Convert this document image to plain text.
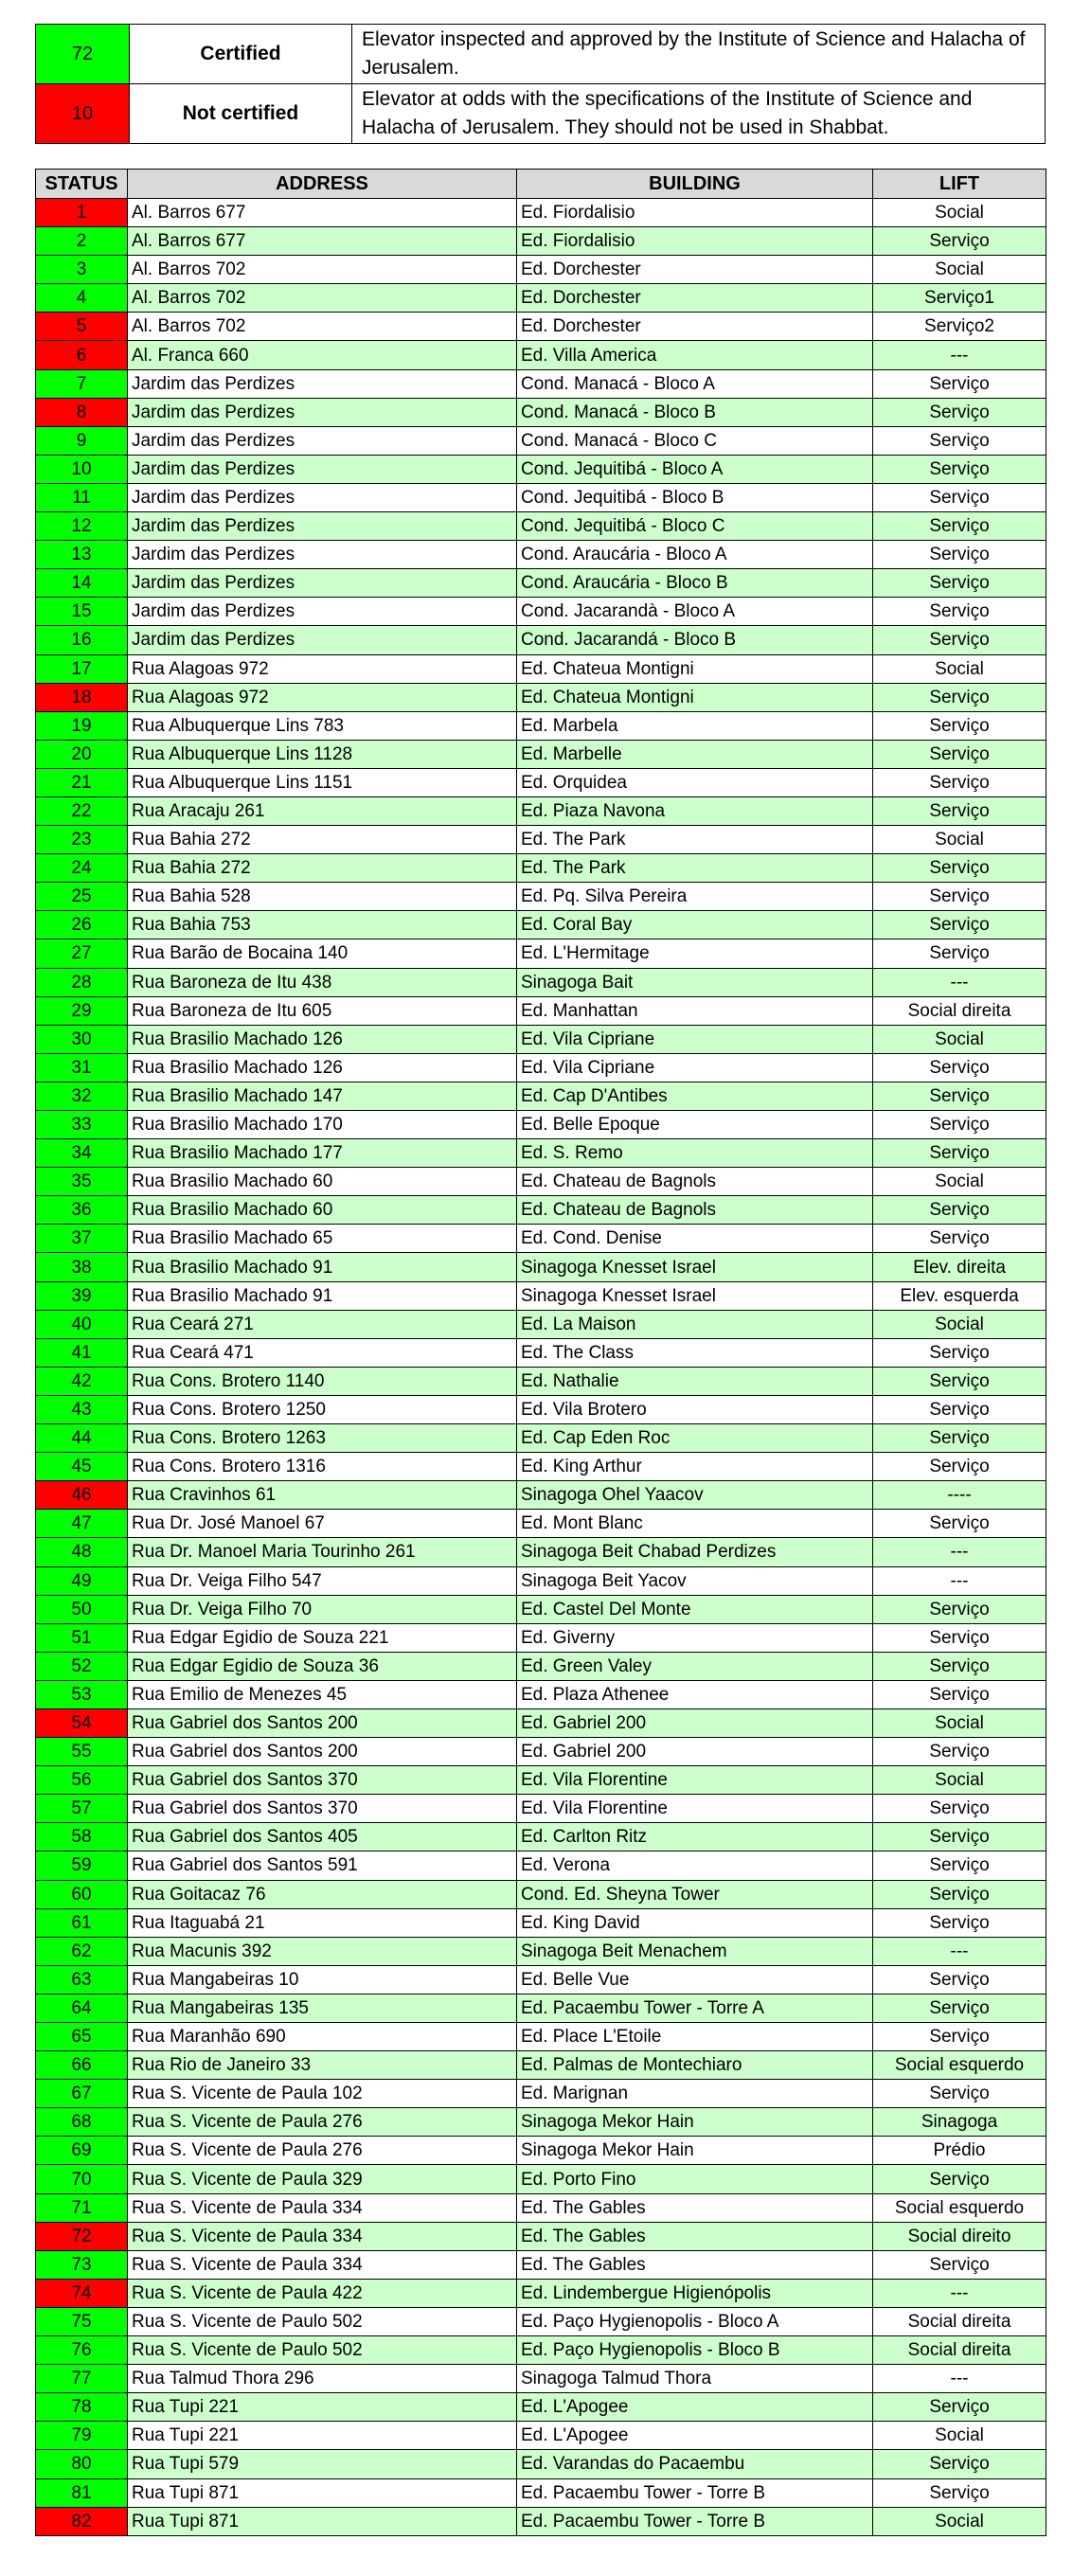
72	Certified	Elevator inspected and approved by the Institute of Science and Halacha of Jerusalem.
10	Not certified	Elevator at odds with the specifications of the Institute of Science and Halacha of Jerusalem. They should not be used in Shabbat.
STATUS	ADDRESS	BUILDING	LIFT
1	Al. Barros 677	Ed. Fiordalisio	Social
2	Al. Barros 677	Ed. Fiordalisio	Serviço
3	Al. Barros 702	Ed. Dorchester	Social
4	Al. Barros 702	Ed. Dorchester	Serviço1
5	Al. Barros 702	Ed. Dorchester	Serviço2
6	Al. Franca 660	Ed. Villa America	---
7	Jardim das Perdizes	Cond. Manacá - Bloco A	Serviço
8	Jardim das Perdizes	Cond. Manacá - Bloco B	Serviço
9	Jardim das Perdizes	Cond. Manacá - Bloco C	Serviço
10	Jardim das Perdizes	Cond. Jequitibá - Bloco A	Serviço
11	Jardim das Perdizes	Cond. Jequitibá - Bloco B	Serviço
12	Jardim das Perdizes	Cond. Jequitibá - Bloco C	Serviço
13	Jardim das Perdizes	Cond. Araucária - Bloco A	Serviço
14	Jardim das Perdizes	Cond. Araucária - Bloco B	Serviço
15	Jardim das Perdizes	Cond. Jacarandà - Bloco A	Serviço
16	Jardim das Perdizes	Cond. Jacarandá - Bloco B	Serviço
17	Rua Alagoas 972	Ed. Chateua Montigni	Social
18	Rua Alagoas 972	Ed. Chateua Montigni	Serviço
19	Rua Albuquerque Lins 783	Ed. Marbela	Serviço
20	Rua Albuquerque Lins 1128	Ed. Marbelle	Serviço
21	Rua Albuquerque Lins 1151	Ed. Orquidea	Serviço
22	Rua Aracaju 261	Ed. Piaza Navona	Serviço
23	Rua Bahia 272	Ed. The Park	Social
24	Rua Bahia 272	Ed. The Park	Serviço
25	Rua Bahia 528	Ed. Pq. Silva Pereira	Serviço
26	Rua Bahia 753	Ed. Coral Bay	Serviço
27	Rua Barão de Bocaina 140	Ed. L'Hermitage	Serviço
28	Rua Baroneza de Itu 438	Sinagoga Bait	---
29	Rua Baroneza de Itu 605	Ed. Manhattan	Social direita
30	Rua Brasilio Machado 126	Ed. Vila Cipriane	Social
31	Rua Brasilio Machado 126	Ed. Vila Cipriane	Serviço
32	Rua Brasilio Machado 147	Ed. Cap D'Antibes	Serviço
33	Rua Brasilio Machado 170	Ed. Belle Epoque	Serviço
34	Rua Brasilio Machado 177	Ed. S. Remo	Serviço
35	Rua Brasilio Machado 60	Ed. Chateau de Bagnols	Social
36	Rua Brasilio Machado 60	Ed. Chateau de Bagnols	Serviço
37	Rua Brasilio Machado 65	Ed. Cond. Denise	Serviço
38	Rua Brasilio Machado 91	Sinagoga Knesset Israel	Elev. direita
39	Rua Brasilio Machado 91	Sinagoga Knesset Israel	Elev. esquerda
40	Rua Ceará 271	Ed. La Maison	Social
41	Rua Ceará 471	Ed. The Class	Serviço
42	Rua Cons. Brotero 1140	Ed. Nathalie	Serviço
43	Rua Cons. Brotero 1250	Ed. Vila Brotero	Serviço
44	Rua Cons. Brotero 1263	Ed. Cap Eden Roc	Serviço
45	Rua Cons. Brotero 1316	Ed. King Arthur	Serviço
46	Rua Cravinhos 61	Sinagoga Ohel Yaacov	----
47	Rua Dr. José Manoel 67	Ed. Mont Blanc	Serviço
48	Rua Dr. Manoel Maria Tourinho 261	Sinagoga Beit Chabad Perdizes	---
49	Rua Dr. Veiga Filho 547	Sinagoga Beit Yacov	---
50	Rua Dr. Veiga Filho 70	Ed. Castel Del Monte	Serviço
51	Rua Edgar Egidio de Souza 221	Ed. Giverny	Serviço
52	Rua Edgar Egidio de Souza 36	Ed. Green Valey	Serviço
53	Rua Emilio de Menezes 45	Ed. Plaza Athenee	Serviço
54	Rua Gabriel dos Santos 200	Ed. Gabriel 200	Social
55	Rua Gabriel dos Santos 200	Ed. Gabriel 200	Serviço
56	Rua Gabriel dos Santos 370	Ed. Vila Florentine	Social
57	Rua Gabriel dos Santos 370	Ed. Vila Florentine	Serviço
58	Rua Gabriel dos Santos 405	Ed. Carlton Ritz	Serviço
59	Rua Gabriel dos Santos 591	Ed. Verona	Serviço
60	Rua Goitacaz 76	Cond. Ed. Sheyna Tower	Serviço
61	Rua Itaguabá 21	Ed. King David	Serviço
62	Rua Macunis 392	Sinagoga Beit Menachem	---
63	Rua Mangabeiras 10	Ed. Belle Vue	Serviço
64	Rua Mangabeiras 135	Ed. Pacaembu Tower - Torre A	Serviço
65	Rua Maranhão 690	Ed. Place L'Etoile	Serviço
66	Rua Rio de Janeiro 33	Ed. Palmas de Montechiaro	Social esquerdo
67	Rua S. Vicente de Paula 102	Ed. Marignan	Serviço
68	Rua S. Vicente de Paula 276	Sinagoga Mekor Hain	Sinagoga
69	Rua S. Vicente de Paula 276	Sinagoga Mekor Hain	Prédio
70	Rua S. Vicente de Paula 329	Ed. Porto Fino	Serviço
71	Rua S. Vicente de Paula 334	Ed. The Gables	Social esquerdo
72	Rua S. Vicente de Paula 334	Ed. The Gables	Social direito
73	Rua S. Vicente de Paula 334	Ed. The Gables	Serviço
74	Rua S. Vicente de Paula 422	Ed. Lindembergue Higienópolis	---
75	Rua S. Vicente de Paulo 502	Ed. Paço Hygienopolis - Bloco A	Social direita
76	Rua S. Vicente de Paulo 502	Ed. Paço Hygienopolis - Bloco B	Social direita
77	Rua Talmud Thora 296	Sinagoga Talmud Thora	---
78	Rua Tupi 221	Ed. L'Apogee	Serviço
79	Rua Tupi 221	Ed. L'Apogee	Social
80	Rua Tupi 579	Ed. Varandas do Pacaembu	Serviço
81	Rua Tupi 871	Ed. Pacaembu Tower - Torre B	Serviço
82	Rua Tupi 871	Ed. Pacaembu Tower - Torre B	Social
